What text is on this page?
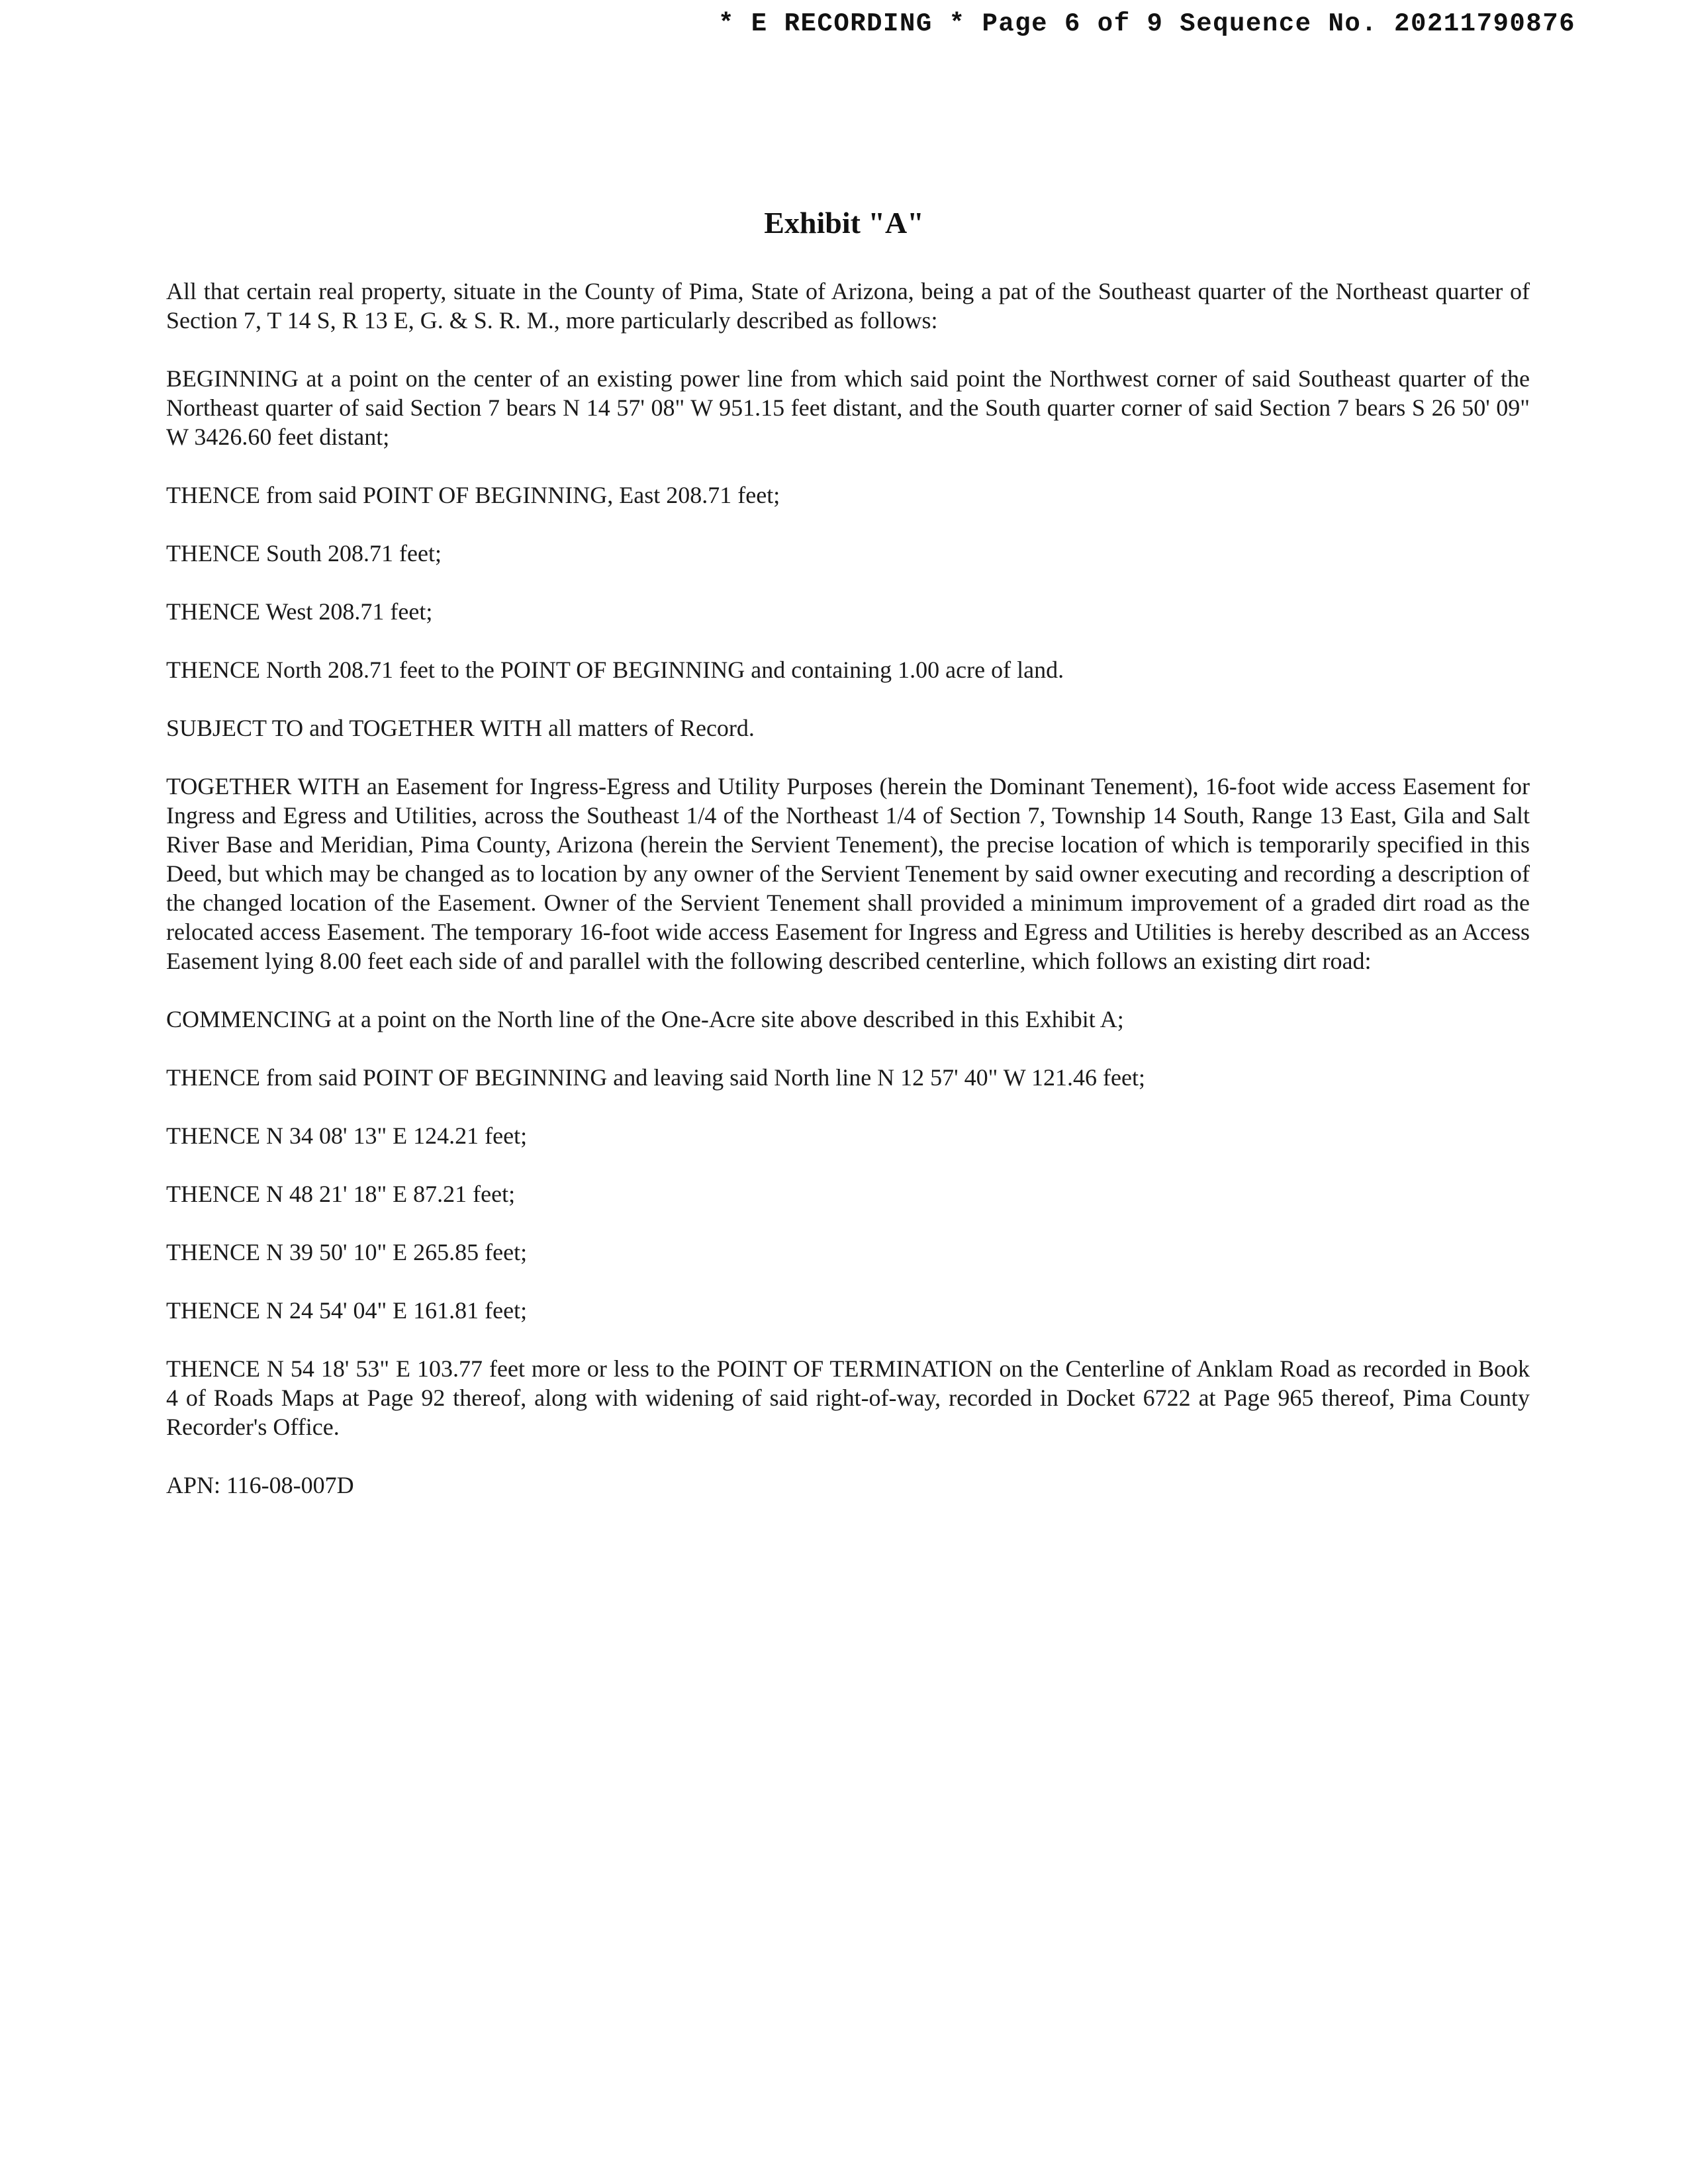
* E RECORDING * Page 6 of 9 Sequence No. 20211790876
Exhibit "A"

All that certain real property, situate in the County of Pima, State of Arizona, being a pat of the Southeast quarter of the Northeast quarter of Section 7, T 14 S, R 13 E, G. & S. R. M., more particularly described as follows:

BEGINNING at a point on the center of an existing power line from which said point the Northwest corner of said Southeast quarter of the Northeast quarter of said Section 7 bears N 14 57' 08" W 951.15 feet distant, and the South quarter corner of said Section 7 bears S 26 50' 09" W 3426.60 feet distant;

THENCE from said POINT OF BEGINNING, East 208.71 feet;

THENCE South 208.71 feet;

THENCE West 208.71 feet;

THENCE North 208.71 feet to the POINT OF BEGINNING and containing 1.00 acre of land.

SUBJECT TO and TOGETHER WITH all matters of Record.

TOGETHER WITH an Easement for Ingress-Egress and Utility Purposes (herein the Dominant Tenement), 16-foot wide access Easement for Ingress and Egress and Utilities, across the Southeast 1/4 of the Northeast 1/4 of Section 7, Township 14 South, Range 13 East, Gila and Salt River Base and Meridian, Pima County, Arizona (herein the Servient Tenement), the precise location of which is temporarily specified in this Deed, but which may be changed as to location by any owner of the Servient Tenement by said owner executing and recording a description of the changed location of the Easement. Owner of the Servient Tenement shall provided a minimum improvement of a graded dirt road as the relocated access Easement. The temporary 16-foot wide access Easement for Ingress and Egress and Utilities is hereby described as an Access Easement lying 8.00 feet each side of and parallel with the following described centerline, which follows an existing dirt road:

COMMENCING at a point on the North line of the One-Acre site above described in this Exhibit A;

THENCE from said POINT OF BEGINNING and leaving said North line N 12 57' 40" W 121.46 feet;

THENCE N 34 08' 13" E 124.21 feet;

THENCE N 48 21' 18" E 87.21 feet;

THENCE N 39 50' 10" E 265.85 feet;

THENCE N 24 54' 04" E 161.81 feet;

THENCE N 54 18' 53" E 103.77 feet more or less to the POINT OF TERMINATION on the Centerline of Anklam Road as recorded in Book 4 of Roads Maps at Page 92 thereof, along with widening of said right-of-way, recorded in Docket 6722 at Page 965 thereof, Pima County Recorder's Office.

APN: 116-08-007D
